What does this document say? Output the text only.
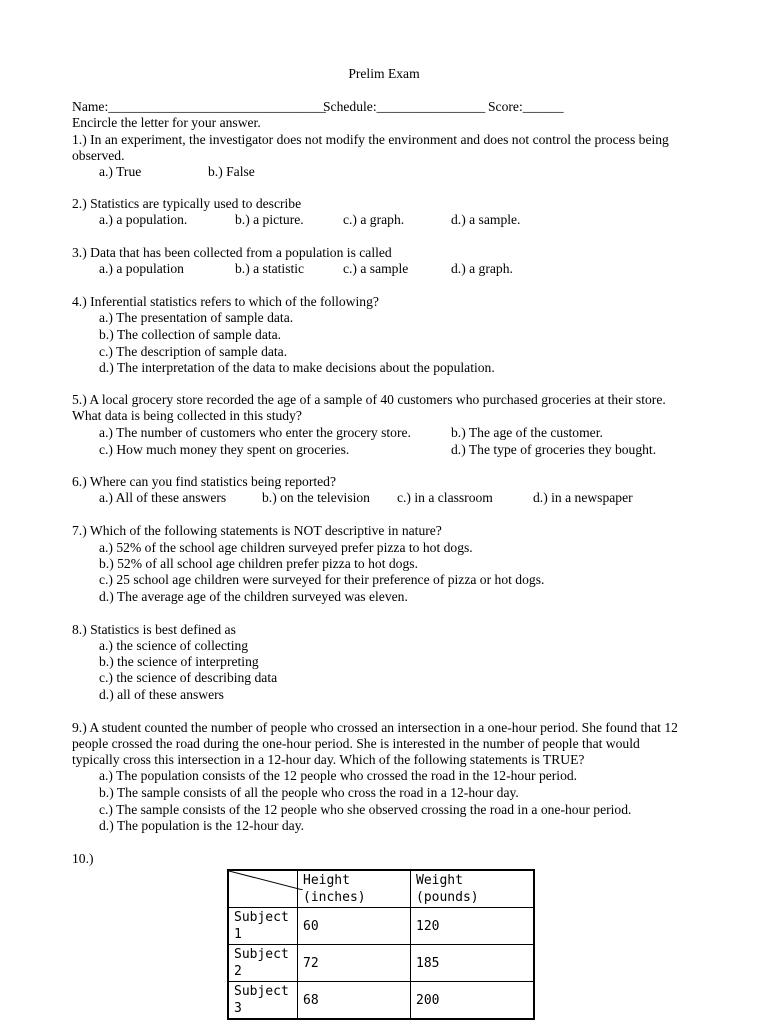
Prelim Exam
Name:________________________________
Schedule:________________ Score:______
Encircle the letter for your answer.
1.) In an experiment, the investigator does not modify the environment and does not control the process being
observed.
a.) True	b.) False
2.) Statistics are typically used to describe
a.) a population.	b.) a picture.	c.) a graph.	d.) a sample.
3.) Data that has been collected from a population is called
a.) a population	b.) a statistic	c.) a sample	d.) a graph.
4.) Inferential statistics refers to which of the following?
a.) The presentation of sample data.
b.) The collection of sample data.
c.) The description of sample data.
d.) The interpretation of the data to make decisions about the population.
5.) A local grocery store recorded the age of a sample of 40 customers who purchased groceries at their store.
What data is being collected in this study?
a.) The number of customers who enter the grocery store.	b.) The age of the customer.
c.) How much money they spent on groceries.	d.) The type of groceries they bought.
6.) Where can you find statistics being reported?
a.) All of these answers	b.) on the television c.) in a classroom	d.) in a newspaper
7.) Which of the following statements is NOT descriptive in nature?
a.) 52% of the school age children surveyed prefer pizza to hot dogs.
b.) 52% of all school age children prefer pizza to hot dogs.
c.) 25 school age children were surveyed for their preference of pizza or hot dogs.
d.) The average age of the children surveyed was eleven.
8.) Statistics is best defined as
a.) the science of collecting
b.) the science of interpreting
c.) the science of describing data
d.) all of these answers
9.) A student counted the number of people who crossed an intersection in a one-hour period. She found that 12
people crossed the road during the one-hour period. She is interested in the number of people that would
typically cross this intersection in a 12-hour day. Which of the following statements is TRUE?
a.) The population consists of the 12 people who crossed the road in the 12-hour period.
b.) The sample consists of all the people who cross the road in a 12-hour day.
c.) The sample consists of the 12 people who she observed crossing the road in a one-hour period.
d.) The population is the 12-hour day.
10.)
	Height (inches)	Weight (pounds)
Subject 1	60	120
Subject 2	72	185
Subject 3	68	200
